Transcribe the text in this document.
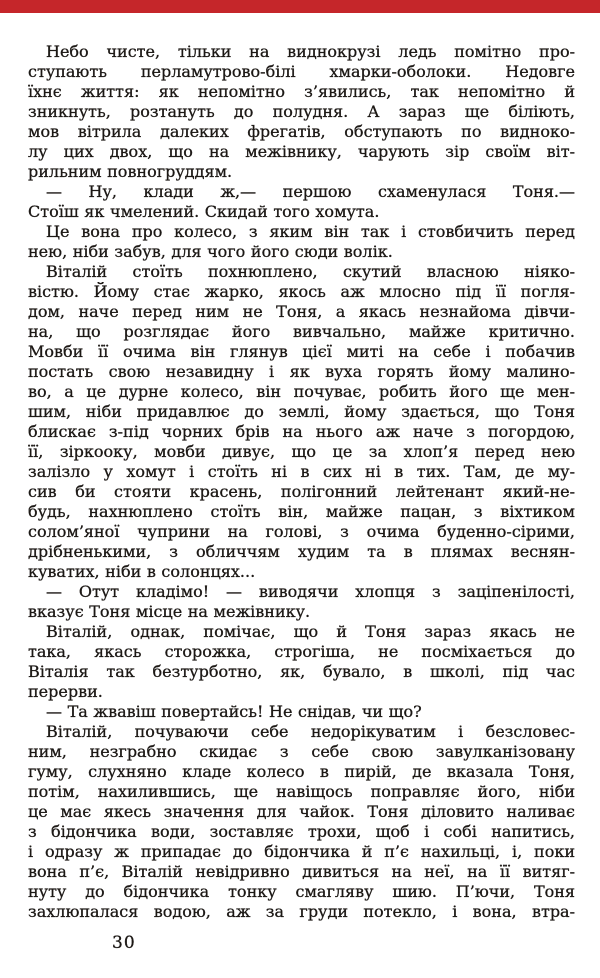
Небо чисте, тільки на виднокрузі ледь помітно про-
ступають перламутрово-білі хмарки-оболоки. Недовге
їхнє життя: як непомітно з’явились, так непомітно й
зникнуть, розтануть до полудня. А зараз ще біліють,
мов вітрила далеких фрегатів, обступають по видноко-
лу цих двох, що на межівнику, чарують зір своїм віт-
рильним повногруддям.
— Ну, клади ж,— першою схаменулася Тоня.—
Стоїш як чмелений. Скидай того хомута.
Це вона про колесо, з яким він так і стовбичить перед
нею, ніби забув, для чого його сюди волік.
Віталій стоїть похнюплено, скутий власною ніяко-
вістю. Йому стає жарко, якось аж млосно під її погля-
дом, наче перед ним не Тоня, а якась незнайома дівчи-
на, що розглядає його вивчально, майже критично.
Мовби її очима він глянув цієї миті на себе і побачив
постать свою незавидну і як вуха горять йому малино-
во, а це дурне колесо, він почуває, робить його ще мен-
шим, ніби придавлює до землі, йому здається, що Тоня
блискає з-під чорних брів на нього аж наче з погордою,
її, зіркооку, мовби дивує, що це за хлоп’я перед нею
залізло у хомут і стоїть ні в сих ні в тих. Там, де му-
сив би стояти красень, полігонний лейтенант який-не-
будь, нахнюплено стоїть він, майже пацан, з віхтиком
солом’яної чуприни на голові, з очима буденно-сірими,
дрібненькими, з обличчям худим та в плямах веснян-
куватих, ніби в солонцях...
— Отут кладімо! — виводячи хлопця з заціпенілості,
вказує Тоня місце на межівнику.
Віталій, однак, помічає, що й Тоня зараз якась не
така, якась сторожка, строгіша, не посміхається до
Віталія так безтурботно, як, бувало, в школі, під час
перерви.
— Та жвавіш повертайсь! Не снідав, чи що?
Віталій, почуваючи себе недорікуватим і безсловес-
ним, незграбно скидає з себе свою завулканізовану
гуму, слухняно кладе колесо в пирій, де вказала Тоня,
потім, нахилившись, ще навіщось поправляє його, ніби
це має якесь значення для чайок. Тоня діловито наливає
з бідончика води, зоставляє трохи, щоб і собі напитись,
і одразу ж припадає до бідончика й п’є нахильці, і, поки
вона п’є, Віталій невідривно дивиться на неї, на її витяг-
нуту до бідончика тонку смагляву шию. П’ючи, Тоня
захлюпалася водою, аж за груди потекло, і вона, втра-
30
